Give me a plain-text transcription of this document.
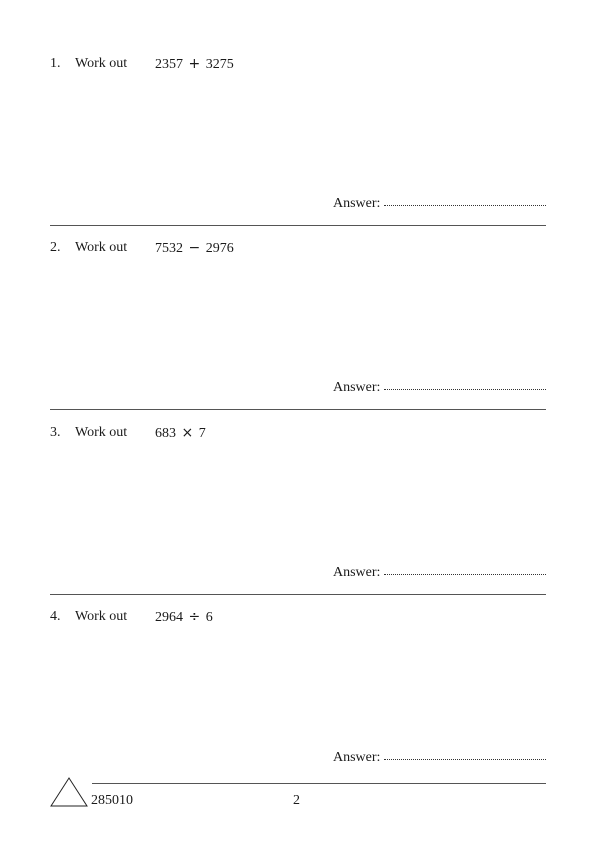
1. Work out 2357 + 3275
Answer:
2. Work out 7532 − 2976
Answer:
3. Work out 683 × 7
Answer:
4. Work out 2964 ÷ 6
Answer:
285010	2
